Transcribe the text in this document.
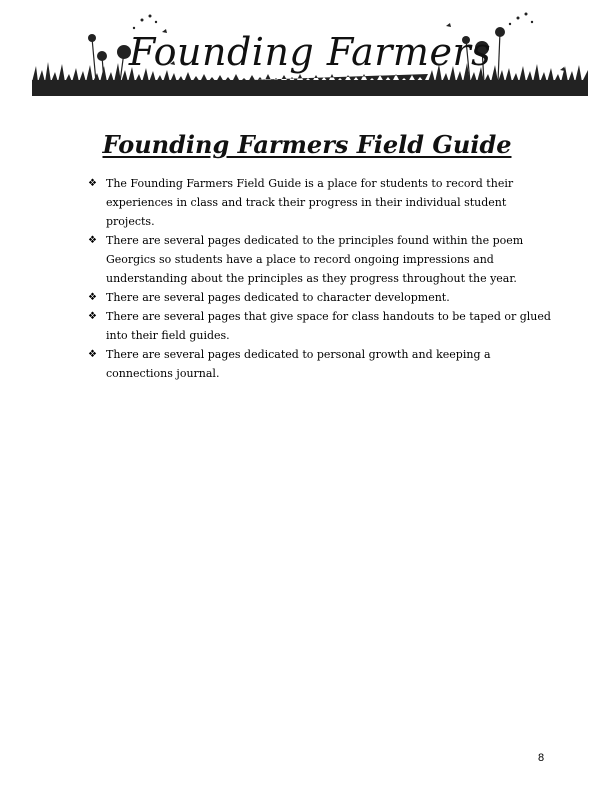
Founding Farmers
Founding Farmers Field Guide
❖ The Founding Farmers Field Guide is a place for students to record their experiences in class and track their progress in their individual student projects.
❖ There are several pages dedicated to the principles found within the poem Georgics so students have a place to record ongoing impressions and understanding about the principles as they progress throughout the year.
❖ There are several pages dedicated to character development.
❖ There are several pages that give space for class handouts to be taped or glued into their field guides.
❖ There are several pages dedicated to personal growth and keeping a connections journal.
8
